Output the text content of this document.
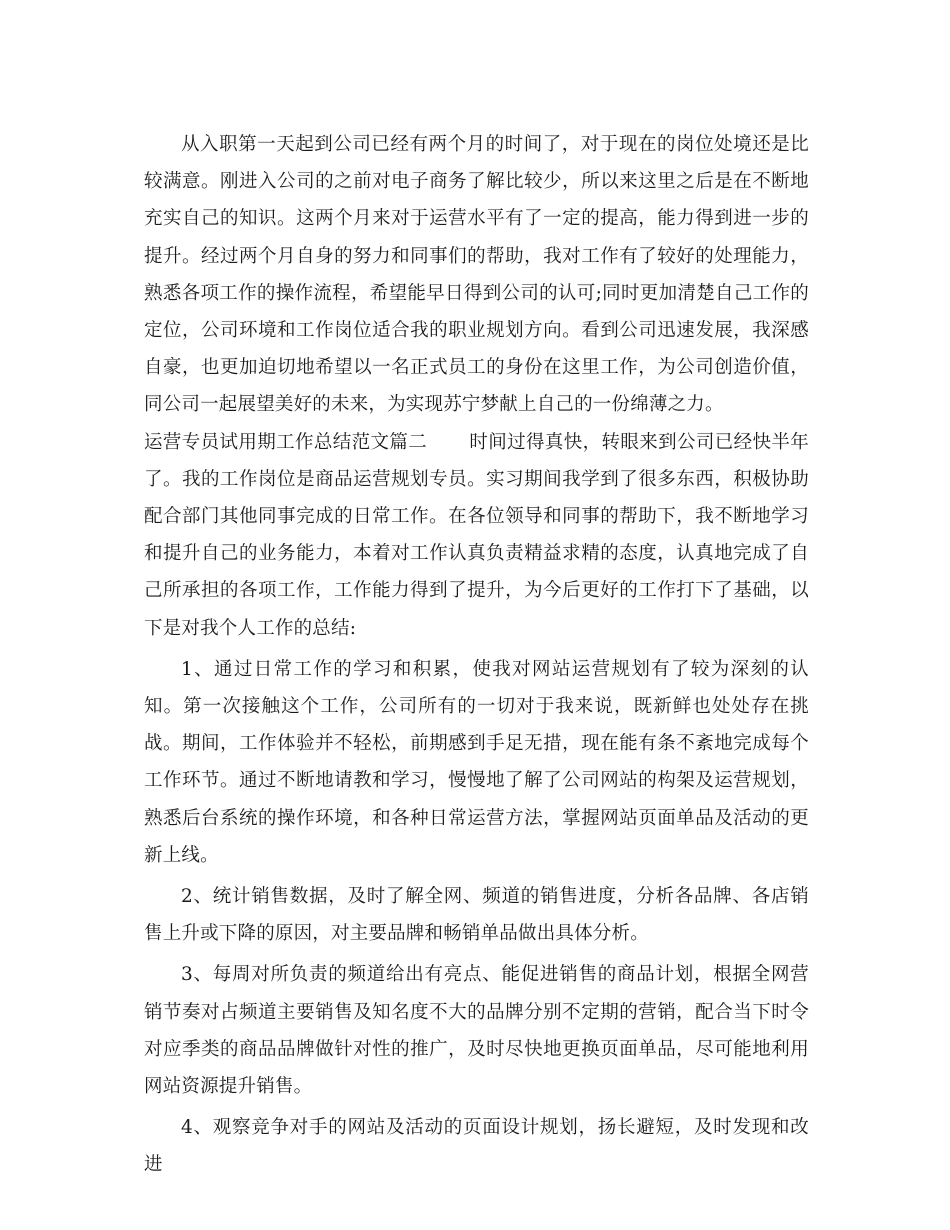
从入职第一天起到公司已经有两个月的时间了，对于现在的岗位处境还是比较满意。刚进入公司的之前对电子商务了解比较少，所以来这里之后是在不断地充实自己的知识。这两个月来对于运营水平有了一定的提高，能力得到进一步的提升。经过两个月自身的努力和同事们的帮助，我对工作有了较好的处理能力，熟悉各项工作的操作流程，希望能早日得到公司的认可;同时更加清楚自己工作的定位，公司环境和工作岗位适合我的职业规划方向。看到公司迅速发展，我深感自豪，也更加迫切地希望以一名正式员工的身份在这里工作，为公司创造价值，同公司一起展望美好的未来，为实现苏宁梦献上自己的一份绵薄之力。

运营专员试用期工作总结范文篇二 时间过得真快，转眼来到公司已经快半年了。我的工作岗位是商品运营规划专员。实习期间我学到了很多东西，积极协助配合部门其他同事完成的日常工作。在各位领导和同事的帮助下，我不断地学习和提升自己的业务能力，本着对工作认真负责精益求精的态度，认真地完成了自己所承担的各项工作，工作能力得到了提升，为今后更好的工作打下了基础，以下是对我个人工作的总结:

1、通过日常工作的学习和积累，使我对网站运营规划有了较为深刻的认知。第一次接触这个工作，公司所有的一切对于我来说，既新鲜也处处存在挑战。期间，工作体验并不轻松，前期感到手足无措，现在能有条不紊地完成每个工作环节。通过不断地请教和学习，慢慢地了解了公司网站的构架及运营规划，熟悉后台系统的操作环境，和各种日常运营方法，掌握网站页面单品及活动的更新上线。

2、统计销售数据，及时了解全网、频道的销售进度，分析各品牌、各店销售上升或下降的原因，对主要品牌和畅销单品做出具体分析。

3、每周对所负责的频道给出有亮点、能促进销售的商品计划，根据全网营销节奏对占频道主要销售及知名度不大的品牌分别不定期的营销，配合当下时令对应季类的商品品牌做针对性的推广，及时尽快地更换页面单品，尽可能地利用网站资源提升销售。

4、观察竞争对手的网站及活动的页面设计规划，扬长避短，及时发现和改进
